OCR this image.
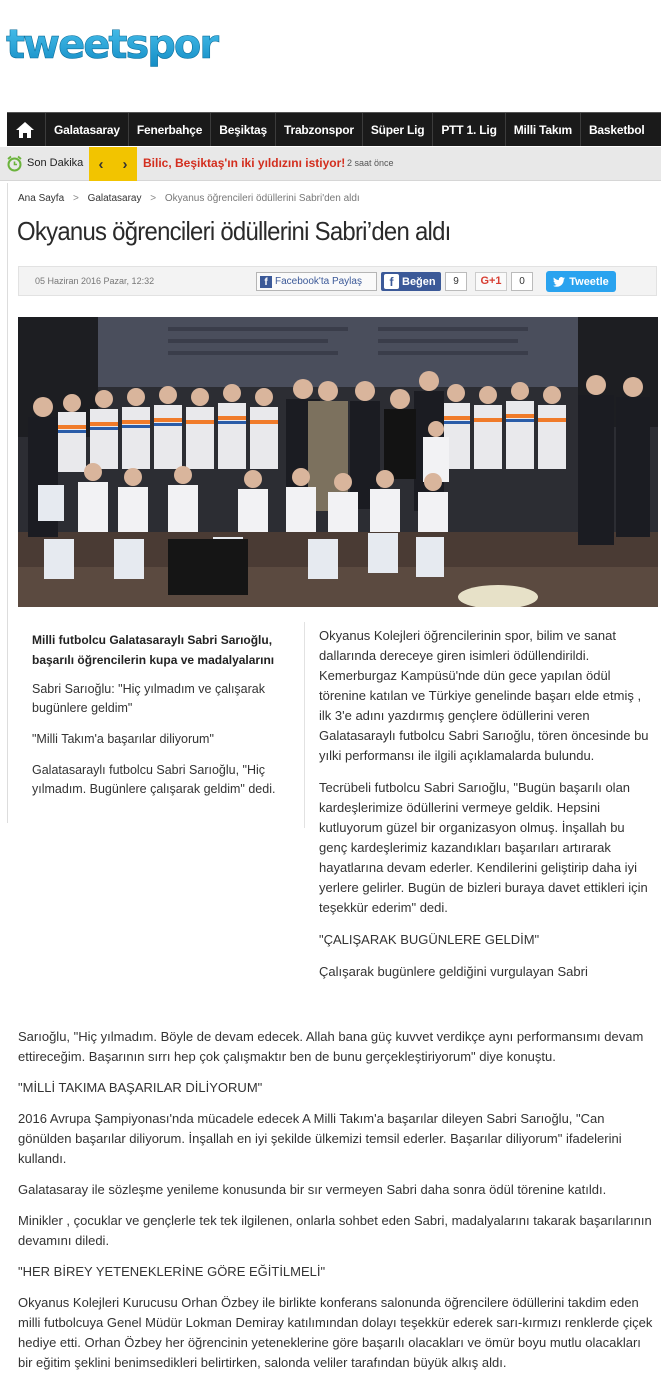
tweetspor
Galatasaray	Fenerbahçe	Beşiktaş	Trabzonspor	Süper Lig	PTT 1. Lig	Milli Takım	Basketbol
Son Dakika ‹ › Bilic, Beşiktaş'ın iki yıldızını istiyor! 2 saat önce
Ana Sayfa > Galatasaray > Okyanus öğrencileri ödüllerini Sabri'den aldı
Okyanus öğrencileri ödüllerini Sabri’den aldı
05 Haziran 2016 Pazar, 12:32	f Facebook'ta Paylaş	f Beğen	9	G+1	0	Tweetle
Milli futbolcu Galatasaraylı Sabri Sarıoğlu,
başarılı öğrencilerin kupa ve madalyalarını

Sabri Sarıoğlu: "Hiç yılmadım ve çalışarak bugünlere geldim"

"Milli Takım'a başarılar diliyorum"

Galatasaraylı futbolcu Sabri Sarıoğlu, "Hiç yılmadım. Bugünlere çalışarak geldim" dedi.

Okyanus Kolejleri öğrencilerinin spor, bilim ve sanat dallarında dereceye giren isimleri ödüllendirildi. Kemerburgaz Kampüsü'nde dün gece yapılan ödül törenine katılan ve Türkiye genelinde başarı elde etmiş , ilk 3'e adını yazdırmış gençlere ödüllerini veren Galatasaraylı futbolcu Sabri Sarıoğlu, tören öncesinde bu yılki performansı ile ilgili açıklamalarda bulundu.

Tecrübeli futbolcu Sabri Sarıoğlu, "Bugün başarılı olan kardeşlerimize ödüllerini vermeye geldik. Hepsini kutluyorum güzel bir organizasyon olmuş. İnşallah bu genç kardeşlerimiz kazandıkları başarıları artırarak hayatlarına devam ederler. Kendilerini geliştirip daha iyi yerlere gelirler. Bugün de bizleri buraya davet ettikleri için teşekkür ederim" dedi.

"ÇALIŞARAK BUGÜNLERE GELDİM"

Çalışarak bugünlere geldiğini vurgulayan Sabri

Sarıoğlu, "Hiç yılmadım. Böyle de devam edecek. Allah bana güç kuvvet verdikçe aynı performansımı devam ettireceğim. Başarının sırrı hep çok çalışmaktır ben de bunu gerçekleştiriyorum" diye konuştu.

"MİLLİ TAKIMA BAŞARILAR DİLİYORUM"

2016 Avrupa Şampiyonası'nda mücadele edecek A Milli Takım'a başarılar dileyen Sabri Sarıoğlu, "Can gönülden başarılar diliyorum. İnşallah en iyi şekilde ülkemizi temsil ederler. Başarılar diliyorum" ifadelerini kullandı.

Galatasaray ile sözleşme yenileme konusunda bir sır vermeyen Sabri daha sonra ödül törenine katıldı.

Minikler , çocuklar ve gençlerle tek tek ilgilenen, onlarla sohbet eden Sabri, madalyalarını takarak başarılarının devamını diledi.

"HER BİREY YETENEKLERİNE GÖRE EĞİTİLMELİ"

Okyanus Kolejleri Kurucusu Orhan Özbey ile birlikte konferans salonunda öğrencilere ödüllerini takdim eden milli futbolcuya Genel Müdür Lokman Demiray katılımından dolayı teşekkür ederek sarı-kırmızı renklerde çiçek hediye etti. Orhan Özbey her öğrencinin yeteneklerine göre başarılı olacakları ve ömür boyu mutlu olacakları bir eğitim şeklini benimsedikleri belirtirken, salonda veliler tarafından büyük alkış aldı.
